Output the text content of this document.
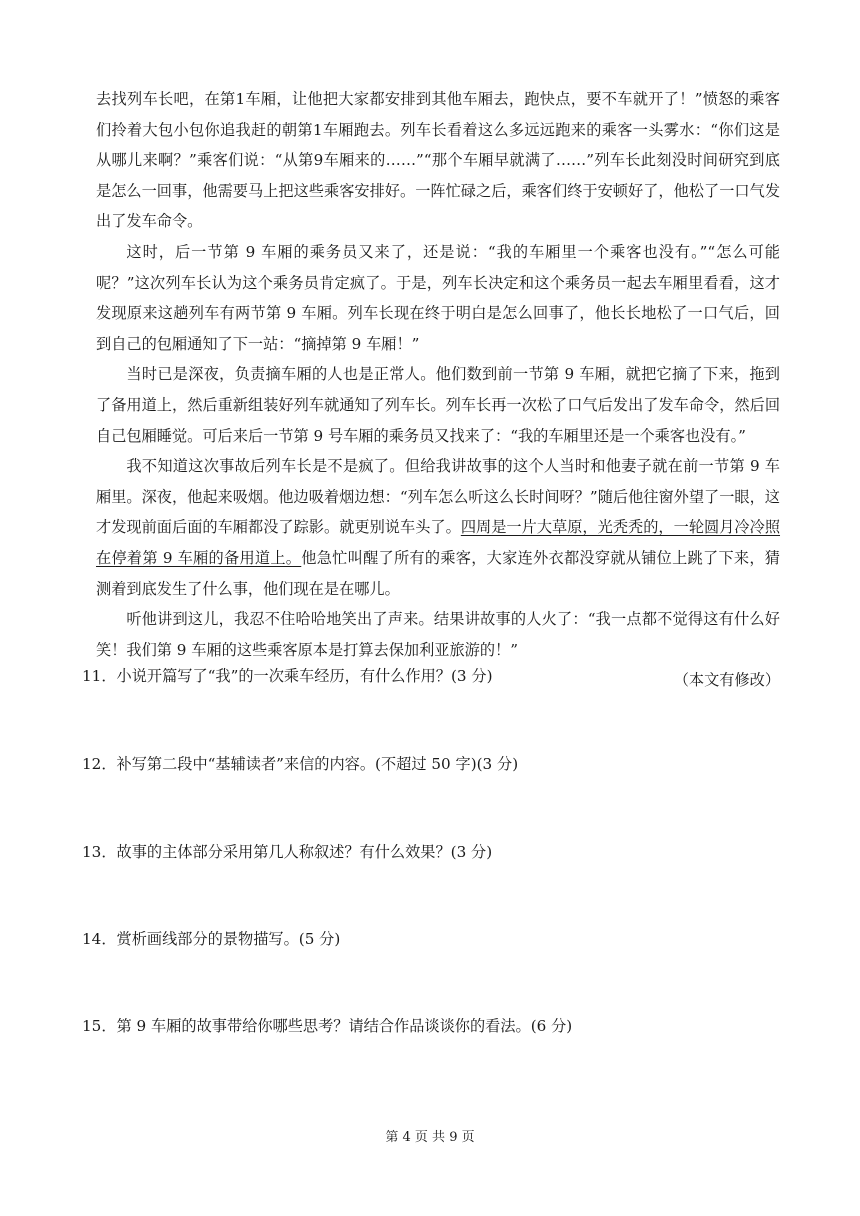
去找列车长吧，在第1车厢，让他把大家都安排到其他车厢去，跑快点，要不车就开了！”愤怒的乘客们拎着大包小包你追我赶的朝第1车厢跑去。列车长看着这么多远远跑来的乘客一头雾水：“你们这是从哪儿来啊？”乘客们说：“从第9车厢来的……”“那个车厢早就满了……”列车长此刻没时间研究到底是怎么一回事，他需要马上把这些乘客安排好。一阵忙碌之后，乘客们终于安顿好了，他松了一口气发出了发车命令。

这时，后一节第 9 车厢的乘务员又来了，还是说：“我的车厢里一个乘客也没有。”“怎么可能呢？”这次列车长认为这个乘务员肯定疯了。于是，列车长决定和这个乘务员一起去车厢里看看，这才发现原来这趟列车有两节第 9 车厢。列车长现在终于明白是怎么回事了，他长长地松了一口气后，回到自己的包厢通知了下一站：“摘掉第 9 车厢！”

当时已是深夜，负责摘车厢的人也是正常人。他们数到前一节第 9 车厢，就把它摘了下来，拖到了备用道上，然后重新组装好列车就通知了列车长。列车长再一次松了口气后发出了发车命令，然后回自己包厢睡觉。可后来后一节第 9 号车厢的乘务员又找来了：“我的车厢里还是一个乘客也没有。”

我不知道这次事故后列车长是不是疯了。但给我讲故事的这个人当时和他妻子就在前一节第 9 车厢里。深夜，他起来吸烟。他边吸着烟边想：“列车怎么听这么长时间呀？”随后他往窗外望了一眼，这才发现前面后面的车厢都没了踪影。就更别说车头了。四周是一片大草原，光秃秃的，一轮圆月冷冷照在停着第 9 车厢的备用道上。他急忙叫醒了所有的乘客，大家连外衣都没穿就从铺位上跳了下来，猜测着到底发生了什么事，他们现在是在哪儿。

听他讲到这儿，我忍不住哈哈地笑出了声来。结果讲故事的人火了：“我一点都不觉得这有什么好笑！我们第 9 车厢的这些乘客原本是打算去保加利亚旅游的！”

（本文有修改）

11．小说开篇写了“我”的一次乘车经历，有什么作用？(3 分)

12．补写第二段中“基辅读者”来信的内容。(不超过 50 字)(3 分)

13．故事的主体部分采用第几人称叙述？有什么效果？(3 分)

14．赏析画线部分的景物描写。(5 分)

15．第 9 车厢的故事带给你哪些思考？请结合作品谈谈你的看法。(6 分)

第 4 页 共 9 页
